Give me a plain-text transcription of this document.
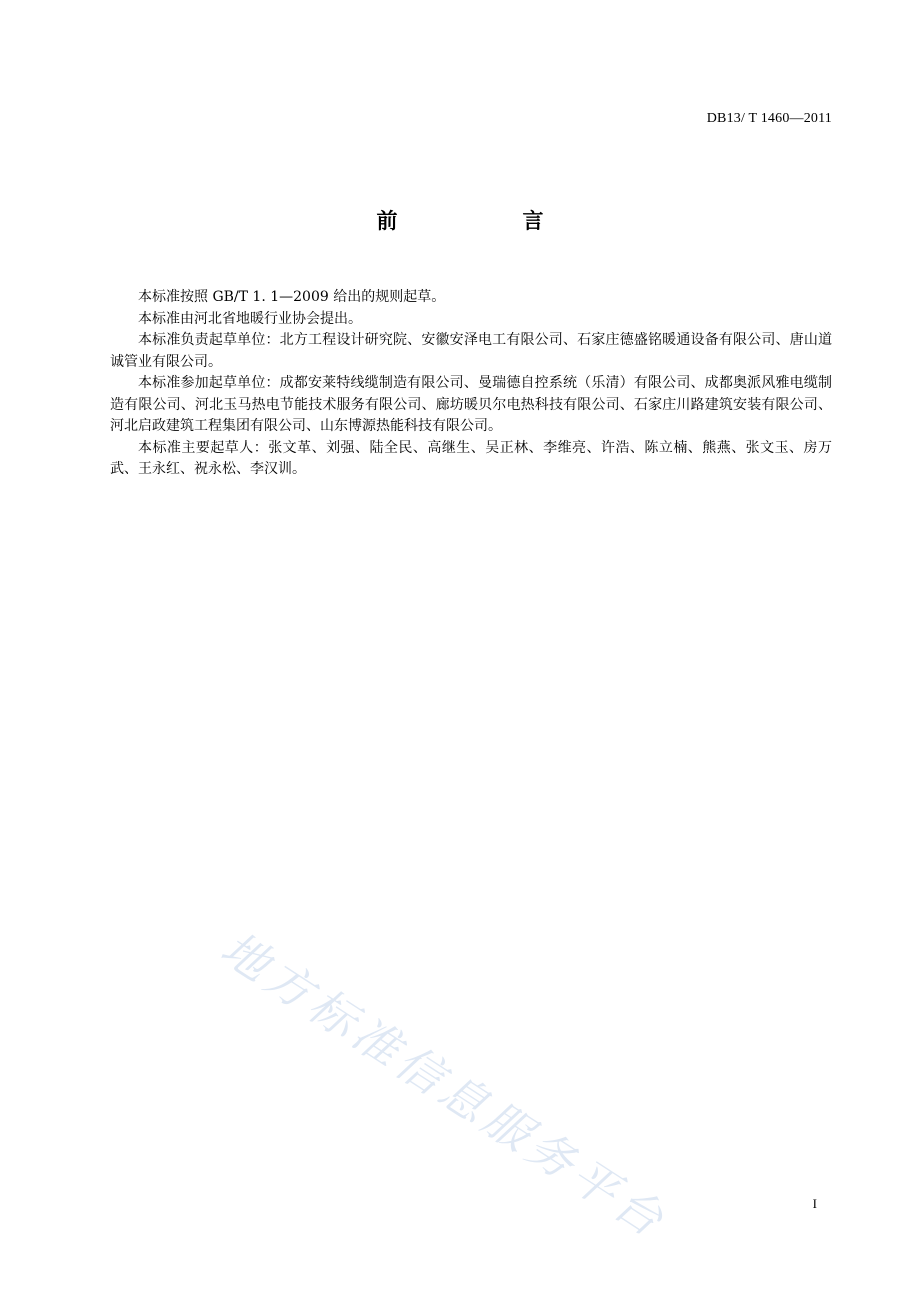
DB13/ T 1460—2011
前　言

本标准按照 GB/T 1. 1—2009 给出的规则起草。

本标准由河北省地暖行业协会提出。

本标准负责起草单位：北方工程设计研究院、安徽安泽电工有限公司、石家庄德盛铭暖通设备有限公司、唐山道诚管业有限公司。

本标准参加起草单位：成都安莱特线缆制造有限公司、曼瑞德自控系统（乐清）有限公司、成都奥派风雅电缆制造有限公司、河北玉马热电节能技术服务有限公司、廊坊暖贝尔电热科技有限公司、石家庄川路建筑安装有限公司、河北启政建筑工程集团有限公司、山东博源热能科技有限公司。

本标准主要起草人：张文革、刘强、陆全民、高继生、吴正林、李维亮、许浩、陈立楠、熊燕、张文玉、房万武、王永红、祝永松、李汉训。

地方标准信息服务平台	I
